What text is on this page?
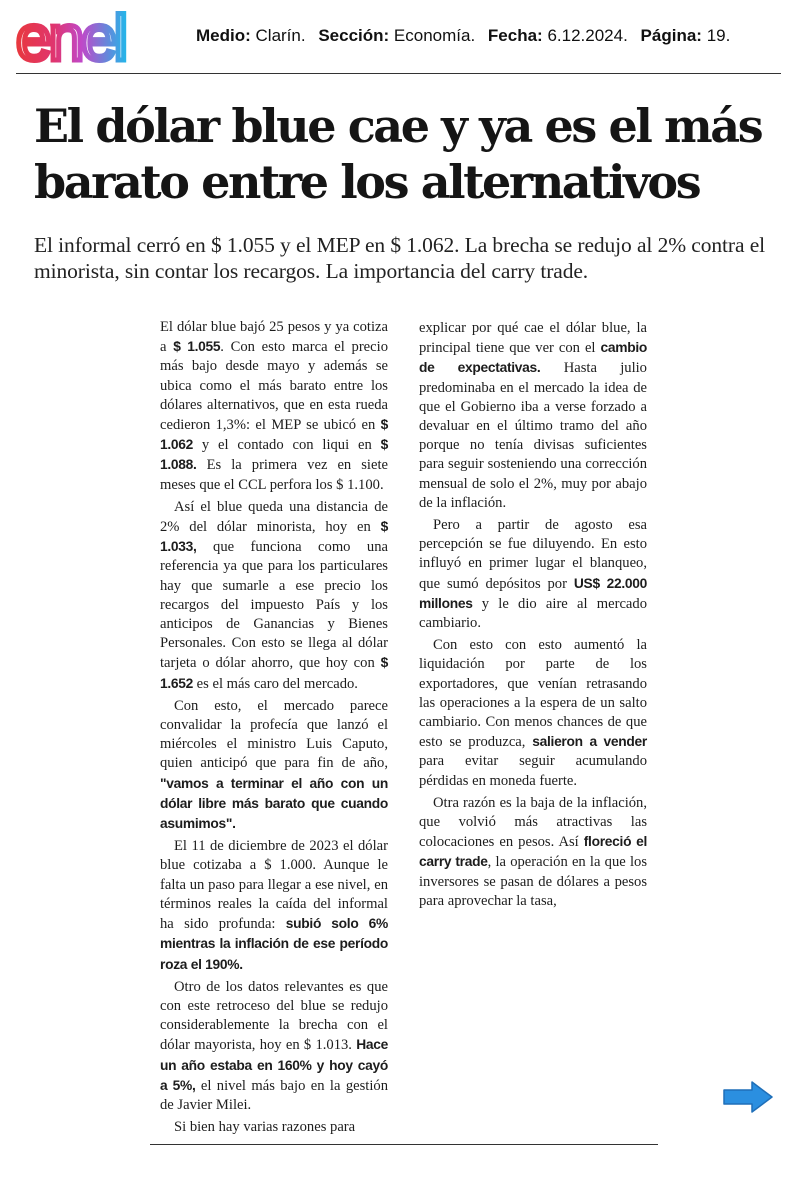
enel	Medio: Clarín. Sección: Economía. Fecha: 6.12.2024. Página: 19.
El dólar blue cae y ya es el más barato entre los alternativos

El informal cerró en $ 1.055 y el MEP en $ 1.062. La brecha se redujo al 2% contra el minorista, sin contar los recargos. La importancia del carry trade.

El dólar blue bajó 25 pesos y ya cotiza a $ 1.055. Con esto marca el precio más bajo desde mayo y además se ubica como el más barato entre los dólares alternativos, que en esta rueda cedieron 1,3%: el MEP se ubicó en $ 1.062 y el contado con liqui en $ 1.088. Es la primera vez en siete meses que el CCL perfora los $ 1.100.

Así el blue queda una distancia de 2% del dólar minorista, hoy en $ 1.033, que funciona como una referencia ya que para los particulares hay que sumarle a ese precio los recargos del impuesto País y los anticipos de Ganancias y Bienes Personales. Con esto se llega al dólar tarjeta o dólar ahorro, que hoy con $ 1.652 es el más caro del mercado.

Con esto, el mercado parece convalidar la profecía que lanzó el miércoles el ministro Luis Caputo, quien anticipó que para fin de año, "vamos a terminar el año con un dólar libre más barato que cuando asumimos".

El 11 de diciembre de 2023 el dólar blue cotizaba a $ 1.000. Aunque le falta un paso para llegar a ese nivel, en términos reales la caída del informal ha sido profunda: subió solo 6% mientras la inflación de ese período roza el 190%.

Otro de los datos relevantes es que con este retroceso del blue se redujo considerablemente la brecha con el dólar mayorista, hoy en $ 1.013. Hace un año estaba en 160% y hoy cayó a 5%, el nivel más bajo en la gestión de Javier Milei.

Si bien hay varias razones para

explicar por qué cae el dólar blue, la principal tiene que ver con el cambio de expectativas. Hasta julio predominaba en el mercado la idea de que el Gobierno iba a verse forzado a devaluar en el último tramo del año porque no tenía divisas suficientes para seguir sosteniendo una corrección mensual de solo el 2%, muy por abajo de la inflación.

Pero a partir de agosto esa percepción se fue diluyendo. En esto influyó en primer lugar el blanqueo, que sumó depósitos por US$ 22.000 millones y le dio aire al mercado cambiario.

Con esto con esto aumentó la liquidación por parte de los exportadores, que venían retrasando las operaciones a la espera de un salto cambiario. Con menos chances de que esto se produzca, salieron a vender para evitar seguir acumulando pérdidas en moneda fuerte.

Otra razón es la baja de la inflación, que volvió más atractivas las colocaciones en pesos. Así floreció el carry trade, la operación en la que los inversores se pasan de dólares a pesos para aprovechar la tasa,
